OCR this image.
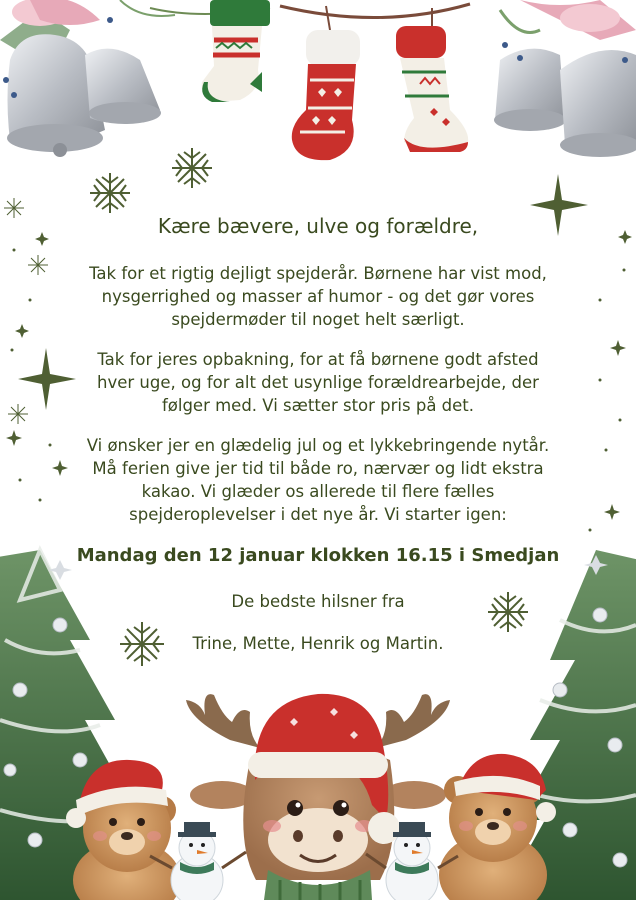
Kære bævere, ulve og forældre,
Tak for et rigtig dejligt spejderår. Børnene har vist mod,
nysgerrighed og masser af humor - og det gør vores
spejdermøder til noget helt særligt.
Tak for jeres opbakning, for at få børnene godt afsted
hver uge, og for alt det usynlige forældrearbejde, der
følger med. Vi sætter stor pris på det.
Vi ønsker jer en glædelig jul og et lykkebringende nytår.
Må ferien give jer tid til både ro, nærvær og lidt ekstra
kakao. Vi glæder os allerede til flere fælles
spejderoplevelser i det nye år. Vi starter igen:
Mandag den 12 januar klokken 16.15 i Smedjan
De bedste hilsner fra
Trine, Mette, Henrik og Martin.
